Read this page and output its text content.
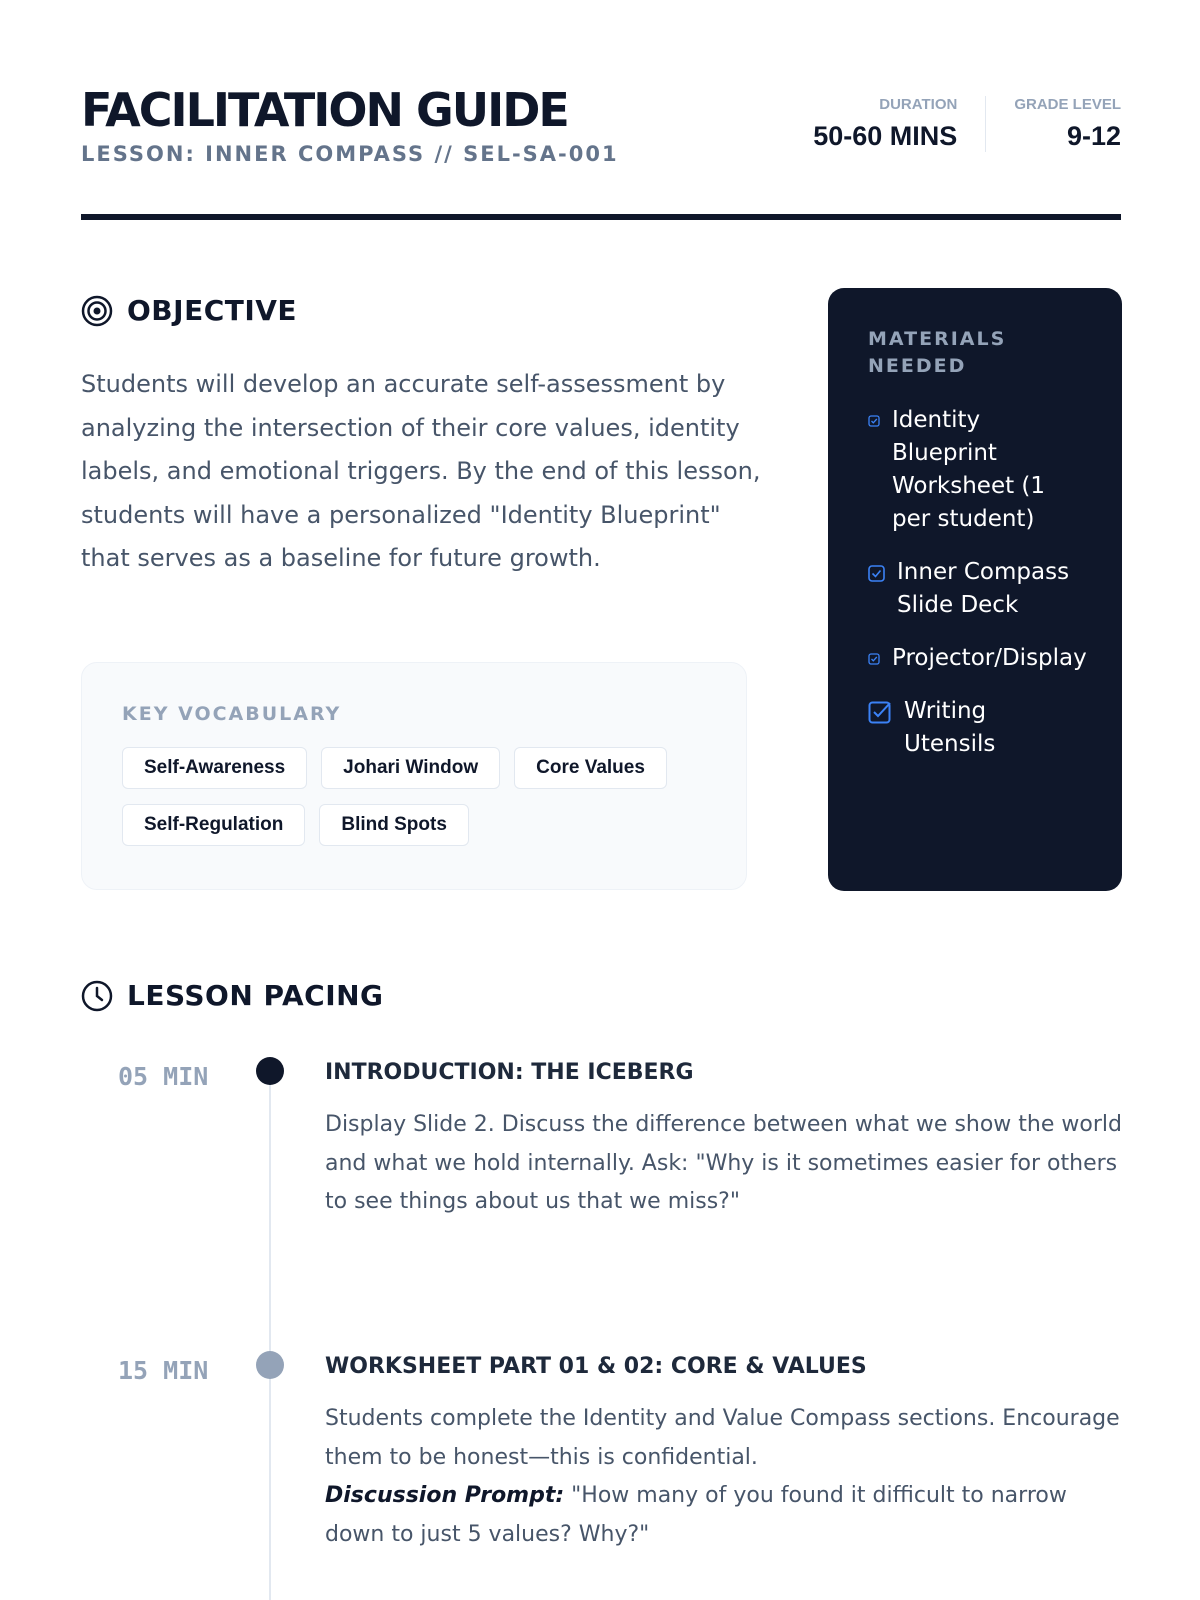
FACILITATION GUIDE
LESSON: INNER COMPASS // SEL-SA-001
DURATION
50-60 MINS
GRADE LEVEL
9-12
OBJECTIVE
Students will develop an accurate self-assessment by analyzing the intersection of their core values, identity labels, and emotional triggers. By the end of this lesson, students will have a personalized "Identity Blueprint" that serves as a baseline for future growth.
KEY VOCABULARY
Self-Awareness	Johari Window	Core Values
Self-Regulation	Blind Spots
MATERIALS NEEDED
Identity Blueprint Worksheet (1 per student)
Inner Compass Slide Deck
Projector/Display
Writing Utensils
LESSON PACING
05 MIN	INTRODUCTION: THE ICEBERG
Display Slide 2. Discuss the difference between what we show the world and what we hold internally. Ask: "Why is it sometimes easier for others to see things about us that we miss?"
15 MIN	WORKSHEET PART 01 & 02: CORE & VALUES
Students complete the Identity and Value Compass sections. Encourage them to be honest—this is confidential.
Discussion Prompt: "How many of you found it difficult to narrow down to just 5 values? Why?"
